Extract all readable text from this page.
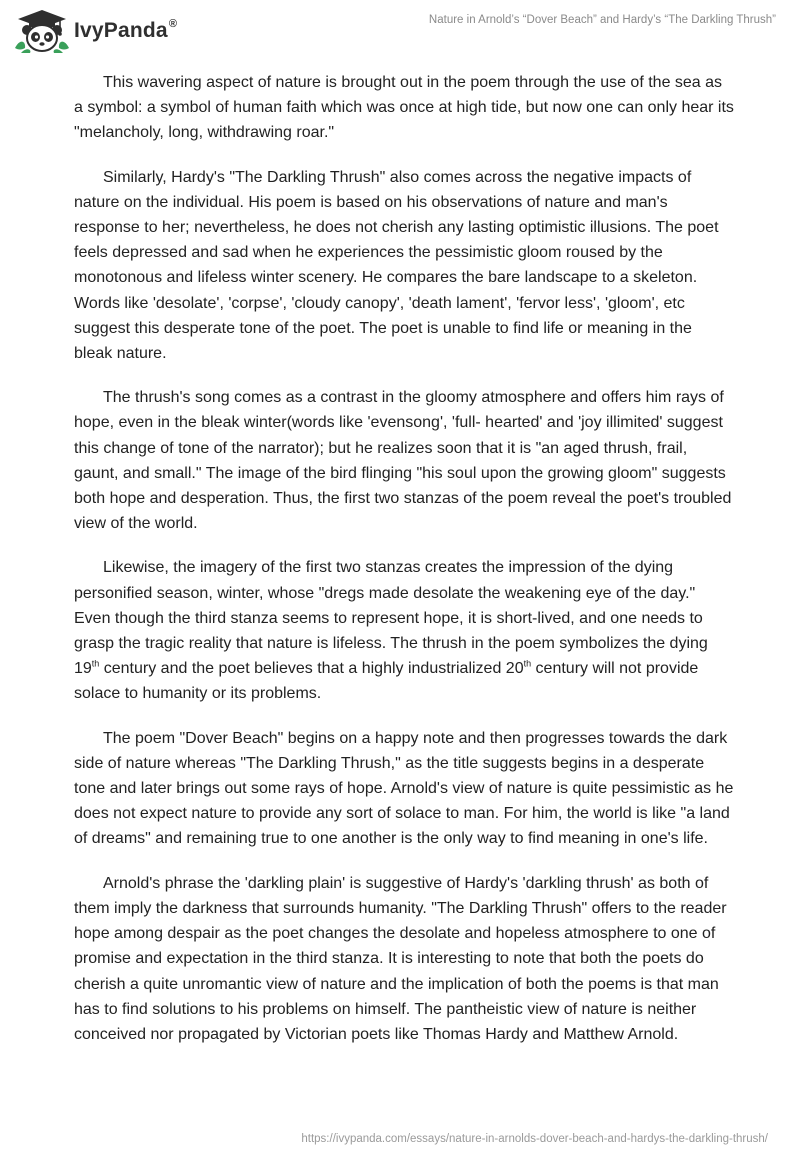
IvyPanda®	Nature in Arnold’s “Dover Beach” and Hardy’s “The Darkling Thrush”

This wavering aspect of nature is brought out in the poem through the use of the sea as a symbol: a symbol of human faith which was once at high tide, but now one can only hear its "melancholy, long, withdrawing roar."

Similarly, Hardy's "The Darkling Thrush" also comes across the negative impacts of nature on the individual. His poem is based on his observations of nature and man's response to her; nevertheless, he does not cherish any lasting optimistic illusions. The poet feels depressed and sad when he experiences the pessimistic gloom roused by the monotonous and lifeless winter scenery. He compares the bare landscape to a skeleton. Words like 'desolate', 'corpse', 'cloudy canopy', 'death lament', 'fervor less', 'gloom', etc suggest this desperate tone of the poet. The poet is unable to find life or meaning in the bleak nature.

The thrush's song comes as a contrast in the gloomy atmosphere and offers him rays of hope, even in the bleak winter(words like 'evensong', 'full- hearted' and 'joy illimited' suggest this change of tone of the narrator); but he realizes soon that it is "an aged thrush, frail, gaunt, and small." The image of the bird flinging "his soul upon the growing gloom" suggests both hope and desperation. Thus, the first two stanzas of the poem reveal the poet's troubled view of the world.

Likewise, the imagery of the first two stanzas creates the impression of the dying personified season, winter, whose "dregs made desolate the weakening eye of the day." Even though the third stanza seems to represent hope, it is short-lived, and one needs to grasp the tragic reality that nature is lifeless. The thrush in the poem symbolizes the dying 19th century and the poet believes that a highly industrialized 20th century will not provide solace to humanity or its problems.

The poem "Dover Beach" begins on a happy note and then progresses towards the dark side of nature whereas "The Darkling Thrush," as the title suggests begins in a desperate tone and later brings out some rays of hope. Arnold's view of nature is quite pessimistic as he does not expect nature to provide any sort of solace to man. For him, the world is like "a land of dreams" and remaining true to one another is the only way to find meaning in one's life.

Arnold's phrase the 'darkling plain' is suggestive of Hardy's 'darkling thrush' as both of them imply the darkness that surrounds humanity. "The Darkling Thrush" offers to the reader hope among despair as the poet changes the desolate and hopeless atmosphere to one of promise and expectation in the third stanza. It is interesting to note that both the poets do cherish a quite unromantic view of nature and the implication of both the poems is that man has to find solutions to his problems on himself. The pantheistic view of nature is neither conceived nor propagated by Victorian poets like Thomas Hardy and Matthew Arnold.

https://ivypanda.com/essays/nature-in-arnolds-dover-beach-and-hardys-the-darkling-thrush/
